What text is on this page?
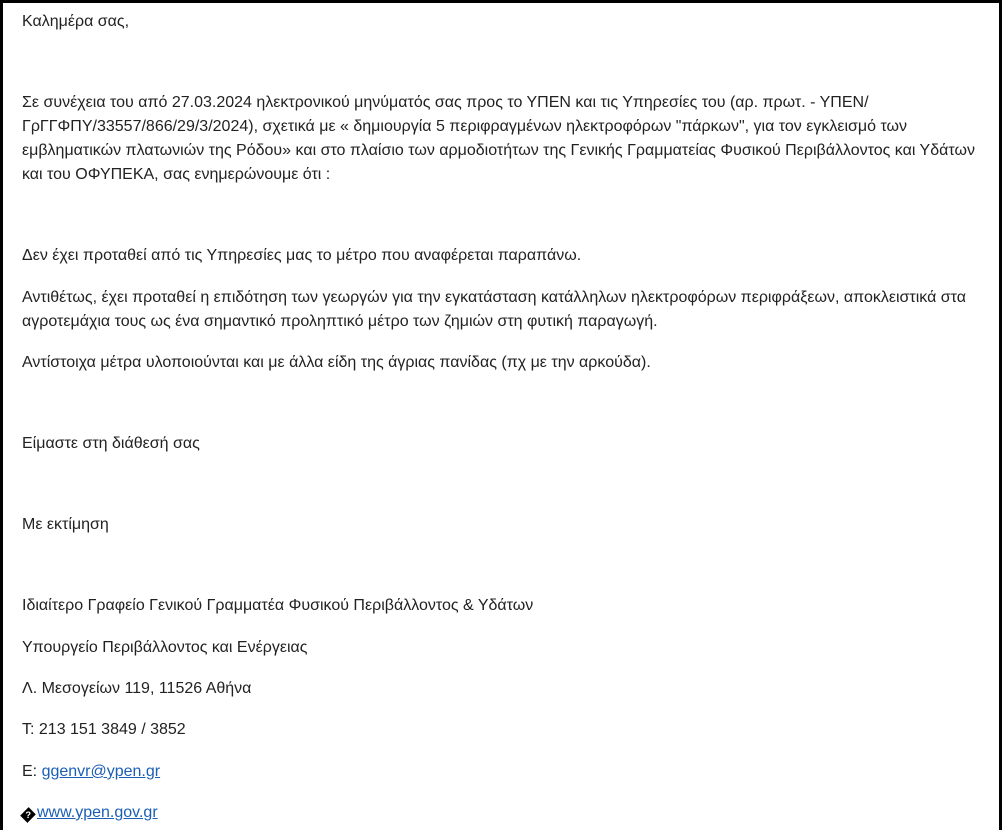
Καλημέρα σας,
Σε συνέχεια του από 27.03.2024 ηλεκτρονικού μηνύματός σας προς το ΥΠΕΝ και τις Υπηρεσίες του (αρ. πρωτ. - ΥΠΕΝ/
ΓρΓΓΦΠΥ/33557/866/29/3/2024), σχετικά με « δημιουργία 5 περιφραγμένων ηλεκτροφόρων "πάρκων", για τον εγκλεισμό των
εμβληματικών πλατωνιών της Ρόδου» και στο πλαίσιο των αρμοδιοτήτων της Γενικής Γραμματείας Φυσικού Περιβάλλοντος και Υδάτων
και του ΟΦΥΠΕΚΑ, σας ενημερώνουμε ότι :
Δεν έχει προταθεί από τις Υπηρεσίες μας το μέτρο που αναφέρεται παραπάνω.
Αντιθέτως, έχει προταθεί η επιδότηση των γεωργών για την εγκατάσταση κατάλληλων ηλεκτροφόρων περιφράξεων, αποκλειστικά στα
αγροτεμάχια τους ως ένα σημαντικό προληπτικό μέτρο των ζημιών στη φυτική παραγωγή.
Αντίστοιχα μέτρα υλοποιούνται και με άλλα είδη της άγριας πανίδας (πχ με την αρκούδα).
Είμαστε στη διάθεσή σας
Με εκτίμηση
Ιδιαίτερο Γραφείο Γενικού Γραμματέα Φυσικού Περιβάλλοντος & Υδάτων
Υπουργείο Περιβάλλοντος και Ενέργειας
Λ. Μεσογείων 119, 11526 Αθήνα
T: 213 151 3849 / 3852
E: ggenvr@ypen.gr
? www.ypen.gov.gr
